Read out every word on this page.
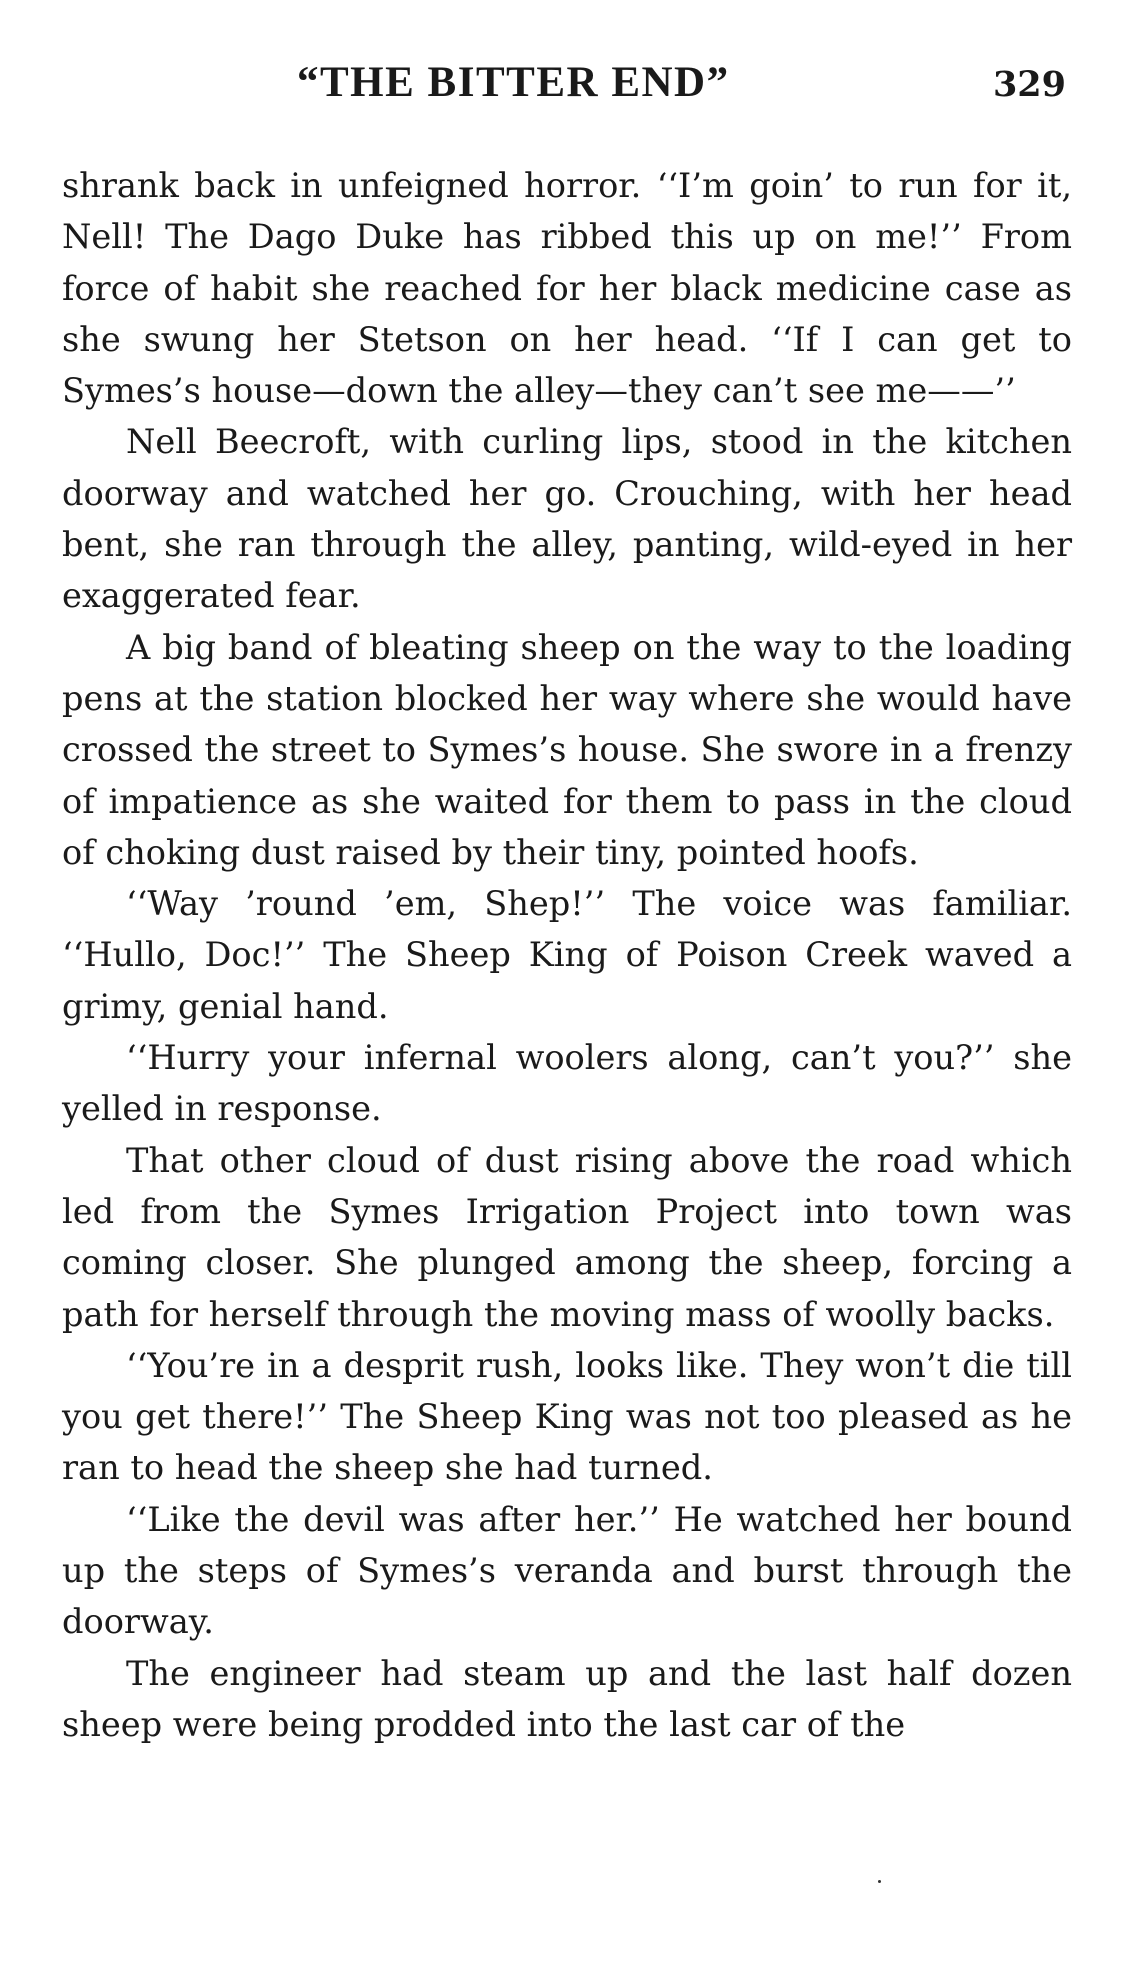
“THE BITTER END”	329

shrank back in unfeigned horror. ‘‘I’m goin’ to run for it, Nell! The Dago Duke has ribbed this up on me!’’ From force of habit she reached for her black medicine case as she swung her Stetson on her head. ‘‘If I can get to Symes’s house—down the alley—they can’t see me——’’

Nell Beecroft, with curling lips, stood in the kitchen doorway and watched her go. Crouching, with her head bent, she ran through the alley, panting, wild-eyed in her exaggerated fear.

A big band of bleating sheep on the way to the loading pens at the station blocked her way where she would have crossed the street to Symes’s house. She swore in a frenzy of impatience as she waited for them to pass in the cloud of choking dust raised by their tiny, pointed hoofs.

‘‘Way ’round ’em, Shep!’’ The voice was familiar. ‘‘Hullo, Doc!’’ The Sheep King of Poison Creek waved a grimy, genial hand.

‘‘Hurry your infernal woolers along, can’t you?’’ she yelled in response.

That other cloud of dust rising above the road which led from the Symes Irrigation Project into town was coming closer. She plunged among the sheep, forcing a path for herself through the moving mass of woolly backs.

‘‘You’re in a desprit rush, looks like. They won’t die till you get there!’’ The Sheep King was not too pleased as he ran to head the sheep she had turned.

‘‘Like the devil was after her.’’ He watched her bound up the steps of Symes’s veranda and burst through the doorway.

The engineer had steam up and the last half dozen sheep were being prodded into the last car of the
